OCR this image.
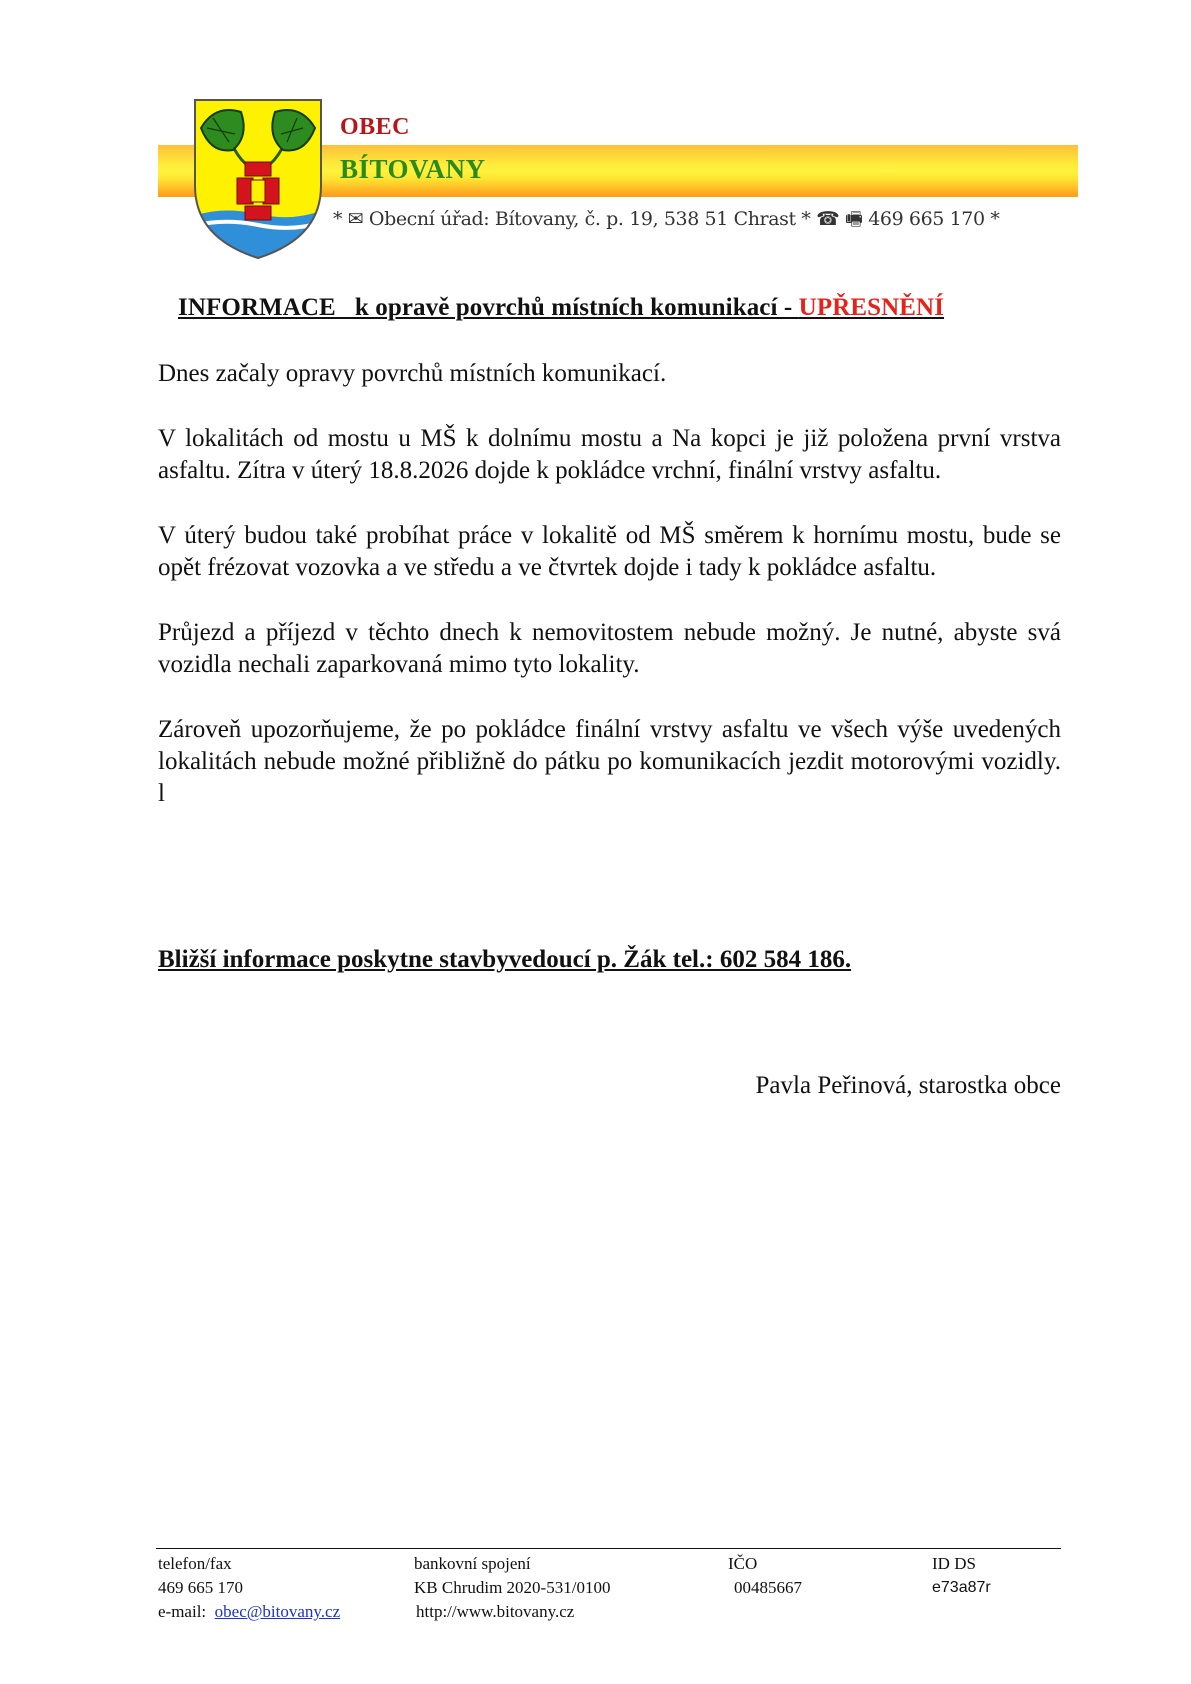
OBEC
BÍTOVANY
* ✉ Obecní úřad: Bítovany, č. p. 19, 538 51 Chrast * ☎ 🖷 469 665 170 *
INFORMACE   k opravě povrchů místních komunikací - UPŘESNĚNÍ

Dnes začaly opravy povrchů místních komunikací.

V lokalitách od mostu u MŠ k dolnímu mostu a Na kopci je již položena první vrstva asfaltu. Zítra v úterý 18.8.2026 dojde k pokládce vrchní, finální vrstvy asfaltu.

V úterý budou také probíhat práce v lokalitě od MŠ směrem k hornímu mostu, bude se opět frézovat vozovka a ve středu a ve čtvrtek dojde i tady k pokládce asfaltu.

Průjezd a příjezd v těchto dnech k nemovitostem nebude možný. Je nutné, abyste svá vozidla nechali zaparkovaná mimo tyto lokality.

Zároveň upozorňujeme, že po pokládce finální vrstvy asfaltu ve všech výše uvedených lokalitách nebude možné přibližně do pátku po komunikacích jezdit motorovými vozidly. l

Bližší informace poskytne stavbyvedoucí p. Žák tel.: 602 584 186.
Pavla Peřinová, starostka obce
telefon/fax
469 665 170
e-mail: obec@bitovany.cz
bankovní spojení
KB Chrudim 2020-531/0100
http://www.bitovany.cz
IČO
00485667
ID DS
e73a87r
